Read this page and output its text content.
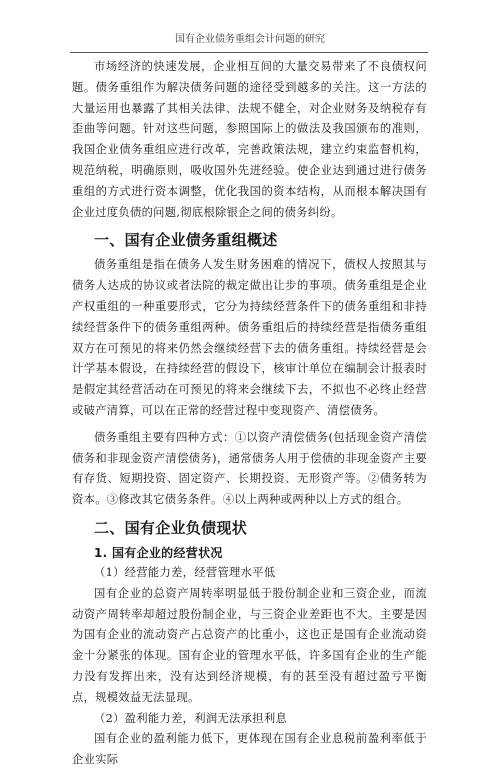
国有企业债务重组会计问题的研究

市场经济的快速发展，企业相互间的大量交易带来了不良债权问题。债务重组作为解决债务问题的途径受到越多的关注。这一方法的大量运用也暴露了其相关法律、法规不健全，对企业财务及纳税存有歪曲等问题。针对这些问题，参照国际上的做法及我国颁布的准则，我国企业债务重组应进行改革，完善政策法规，建立约束监督机构，规范纳税，明确原则，吸收国外先进经验。使企业达到通过进行债务重组的方式进行资本调整，优化我国的资本结构，从而根本解决国有企业过度负债的问题,彻底根除银企之间的债务纠纷。

一、国有企业债务重组概述

债务重组是指在债务人发生财务困难的情况下，债权人按照其与债务人达成的协议或者法院的裁定做出让步的事项。债务重组是企业产权重组的一种重要形式，它分为持续经营条件下的债务重组和非持续经营条件下的债务重组两种。债务重组后的持续经营是指债务重组双方在可预见的将来仍然会继续经营下去的债务重组。持续经营是会计学基本假设，在持续经营的假设下，核审计单位在编制会计报表时是假定其经营活动在可预见的将来会继续下去，不拟也不必终止经营或破产清算，可以在正常的经营过程中变现资产、清偿债务。

债务重组主要有四种方式：①以资产清偿债务(包括现金资产清偿债务和非现金资产清偿债务)，通常债务人用于偿债的非现金资产主要有存货、短期投资、固定资产、长期投资、无形资产等。②债务转为资本。③修改其它债务条件。④以上两种或两种以上方式的组合。

二、国有企业负债现状
1. 国有企业的经营状况
（1）经营能力差，经营管理水平低

国有企业的总资产周转率明显低于股份制企业和三资企业，而流动资产周转率却超过股份制企业，与三资企业差距也不大。主要是因为国有企业的流动资产占总资产的比重小，这也正是国有企业流动资金十分紧张的体现。国有企业的管理水平低，许多国有企业的生产能力没有发挥出来，没有达到经济规模，有的甚至没有超过盈亏平衡点，规模效益无法显现。

（2）盈利能力差，利润无法承担利息

国有企业的盈利能力低下，更体现在国有企业息税前盈利率低于企业实际
